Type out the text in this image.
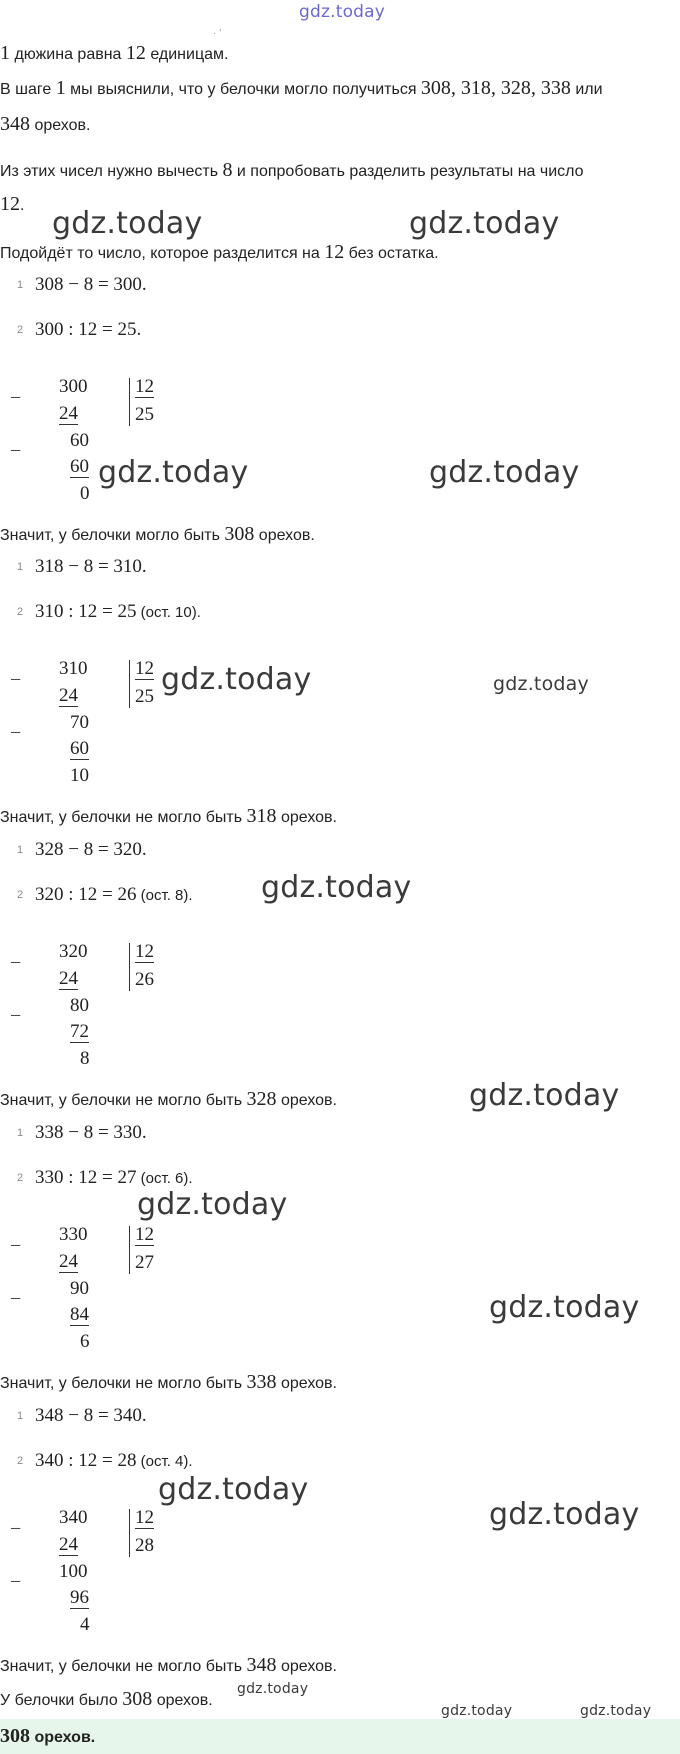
gdz.today
· ’
1 дюжина равна 12 единицам.
В шаге 1 мы выяснили, что у белочки могло получиться 308, 318, 328, 338 или
348 орехов.
Из этих чисел нужно вычесть 8 и попробовать разделить результаты на число
12.
Подойдёт то число, которое разделится на 12 без остатка.
1 308 − 8 = 300.
2 300 : 12 = 25.
−
−
300	12
25
24
60
60
0
Значит, у белочки могло быть 308 орехов.
1 318 − 8 = 310.
2 310 : 12 = 25 (ост. 10).
−
−
310	12
25
24
70
60
10
Значит, у белочки не могло быть 318 орехов.
1 328 − 8 = 320.
2 320 : 12 = 26 (ост. 8).
−
−
320	12
26
24
80
72
8
Значит, у белочки не могло быть 328 орехов.
1 338 − 8 = 330.
2 330 : 12 = 27 (ост. 6).
−
−
330	12
27
24
90
84
6
Значит, у белочки не могло быть 338 орехов.
1 348 − 8 = 340.
2 340 : 12 = 28 (ост. 4).
−
−
340	12
28
24
100
96
4
Значит, у белочки не могло быть 348 орехов.
У белочки было 308 орехов.
308 орехов.
gdz.today	gdz.today
gdz.today	gdz.today
gdz.today	gdz.today
gdz.today
gdz.today
gdz.today
gdz.today
gdz.today
gdz.today
gdz.today
gdz.today	gdz.today
